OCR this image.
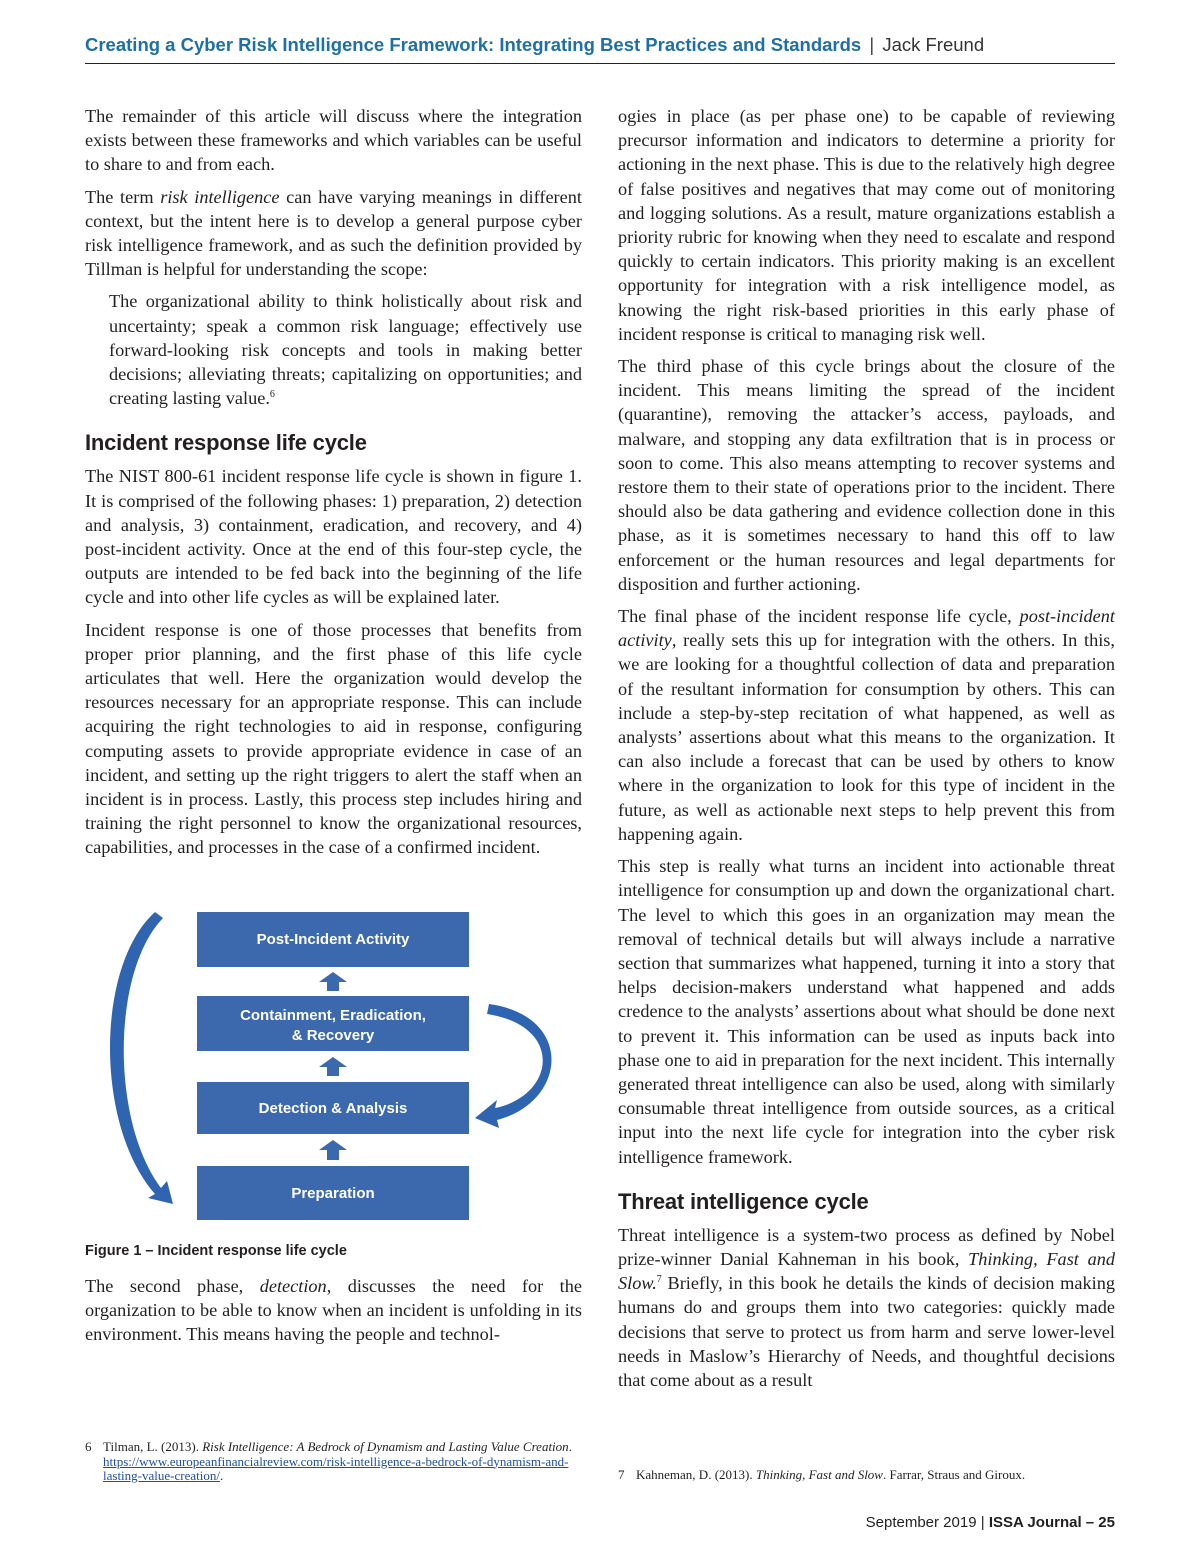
Creating a Cyber Risk Intelligence Framework: Integrating Best Practices and Standards | Jack Freund

The remainder of this article will discuss where the integration exists between these frameworks and which variables can be useful to share to and from each.

The term risk intelligence can have varying meanings in different context, but the intent here is to develop a general purpose cyber risk intelligence framework, and as such the definition provided by Tillman is helpful for understanding the scope:

The organizational ability to think holistically about risk and uncertainty; speak a common risk language; effectively use forward-looking risk concepts and tools in making better decisions; alleviating threats; capitalizing on opportunities; and creating lasting value.$^6$

Incident response life cycle

The NIST 800-61 incident response life cycle is shown in figure 1. It is comprised of the following phases: 1) preparation, 2) detection and analysis, 3) containment, eradication, and recovery, and 4) post-incident activity. Once at the end of this four-step cycle, the outputs are intended to be fed back into the beginning of the life cycle and into other life cycles as will be explained later.

Incident response is one of those processes that benefits from proper prior planning, and the first phase of this life cycle articulates that well. Here the organization would develop the resources necessary for an appropriate response. This can include acquiring the right technologies to aid in response, configuring computing assets to provide appropriate evidence in case of an incident, and setting up the right triggers to alert the staff when an incident is in process. Lastly, this process step includes hiring and training the right personnel to know the organizational resources, capabilities, and processes in the case of a confirmed incident.

Post-Incident Activity
Containment, Eradication,
& Recovery
Detection & Analysis
Preparation
Figure 1 – Incident response life cycle

The second phase, detection, discusses the need for the organization to be able to know when an incident is unfolding in its environment. This means having the people and technol-

ogies in place (as per phase one) to be capable of reviewing precursor information and indicators to determine a priority for actioning in the next phase. This is due to the relatively high degree of false positives and negatives that may come out of monitoring and logging solutions. As a result, mature organizations establish a priority rubric for knowing when they need to escalate and respond quickly to certain indicators. This priority making is an excellent opportunity for integration with a risk intelligence model, as knowing the right risk-based priorities in this early phase of incident response is critical to managing risk well.

The third phase of this cycle brings about the closure of the incident. This means limiting the spread of the incident (quarantine), removing the attacker’s access, payloads, and malware, and stopping any data exfiltration that is in process or soon to come. This also means attempting to recover systems and restore them to their state of operations prior to the incident. There should also be data gathering and evidence collection done in this phase, as it is sometimes necessary to hand this off to law enforcement or the human resources and legal departments for disposition and further actioning.

The final phase of the incident response life cycle, post-incident activity, really sets this up for integration with the others. In this, we are looking for a thoughtful collection of data and preparation of the resultant information for consumption by others. This can include a step-by-step recitation of what happened, as well as analysts’ assertions about what this means to the organization. It can also include a forecast that can be used by others to know where in the organization to look for this type of incident in the future, as well as actionable next steps to help prevent this from happening again.

This step is really what turns an incident into actionable threat intelligence for consumption up and down the organizational chart. The level to which this goes in an organization may mean the removal of technical details but will always include a narrative section that summarizes what happened, turning it into a story that helps decision-makers understand what happened and adds credence to the analysts’ assertions about what should be done next to prevent it. This information can be used as inputs back into phase one to aid in preparation for the next incident. This internally generated threat intelligence can also be used, along with similarly consumable threat intelligence from outside sources, as a critical input into the next life cycle for integration into the cyber risk intelligence framework.

Threat intelligence cycle

Threat intelligence is a system-two process as defined by Nobel prize-winner Danial Kahneman in his book, Thinking, Fast and Slow.$^7$ Briefly, in this book he details the kinds of decision making humans do and groups them into two categories: quickly made decisions that serve to protect us from harm and serve lower-level needs in Maslow’s Hierarchy of Needs, and thoughtful decisions that come about as a result

6 Tilman, L. (2013). Risk Intelligence: A Bedrock of Dynamism and Lasting Value Creation.
https://www.europeanfinancialreview.com/risk-intelligence-a-bedrock-of-dynamism-and-lasting-value-creation/.	7 Kahneman, D. (2013). Thinking, Fast and Slow. Farrar, Straus and Giroux.
September 2019 | ISSA Journal – 25
